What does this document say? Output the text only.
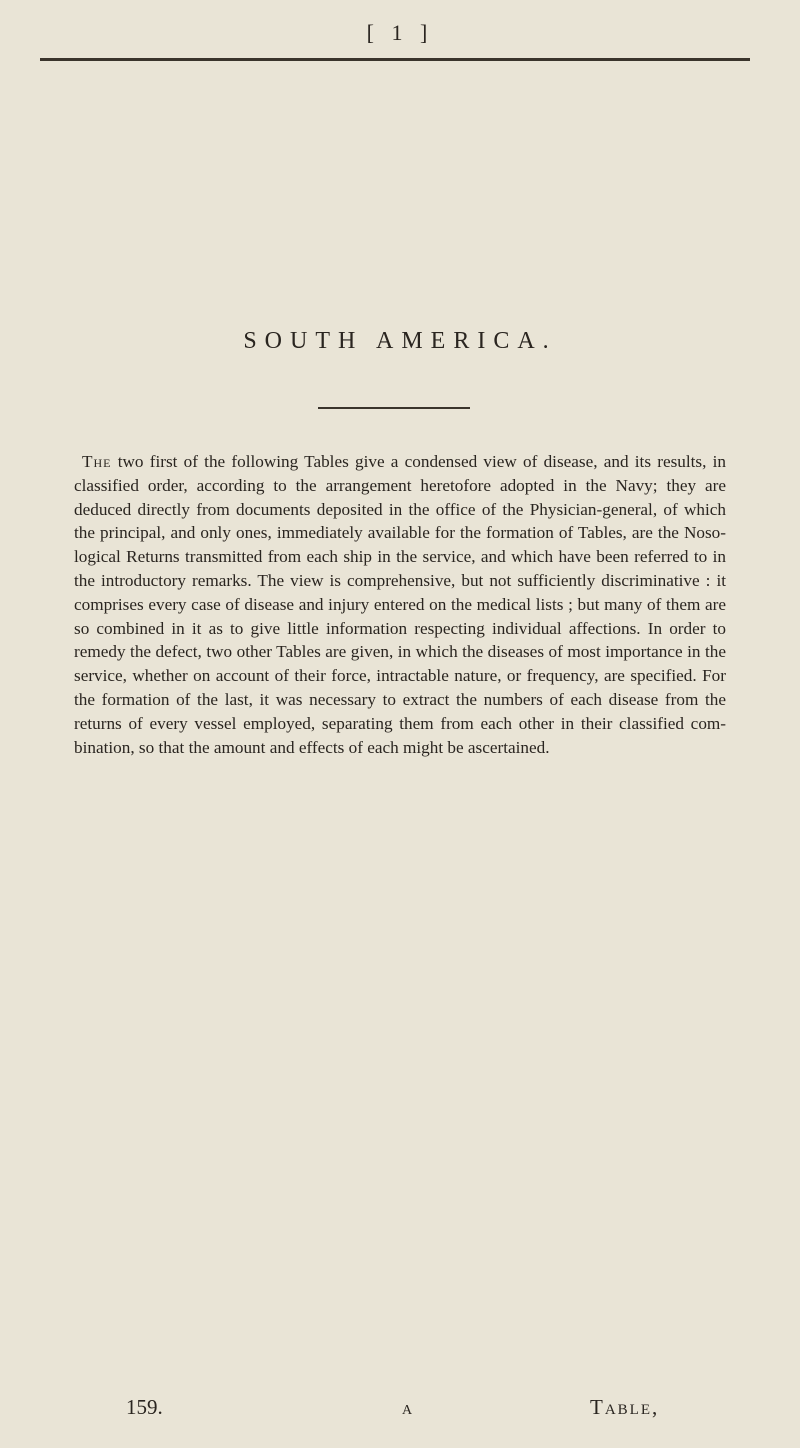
[ 1 ]
SOUTH AMERICA.

The two first of the following Tables give a condensed view of disease, and its results, in classified order, according to the arrangement heretofore adopted in the Navy; they are deduced directly from documents deposited in the office of the Physician-general, of which the principal, and only ones, immediately available for the formation of Tables, are the Noso-logical Returns transmitted from each ship in the service, and which have been referred to in the introductory remarks. The view is comprehensive, but not sufficiently discriminative : it comprises every case of disease and injury entered on the medical lists ; but many of them are so combined in it as to give little information respecting individual affections. In order to remedy the defect, two other Tables are given, in which the diseases of most importance in the service, whether on account of their force, intractable nature, or frequency, are specified. For the formation of the last, it was necessary to extract the numbers of each disease from the returns of every vessel employed, separating them from each other in their classified com-bination, so that the amount and effects of each might be ascertained.

159.	A	Table,
